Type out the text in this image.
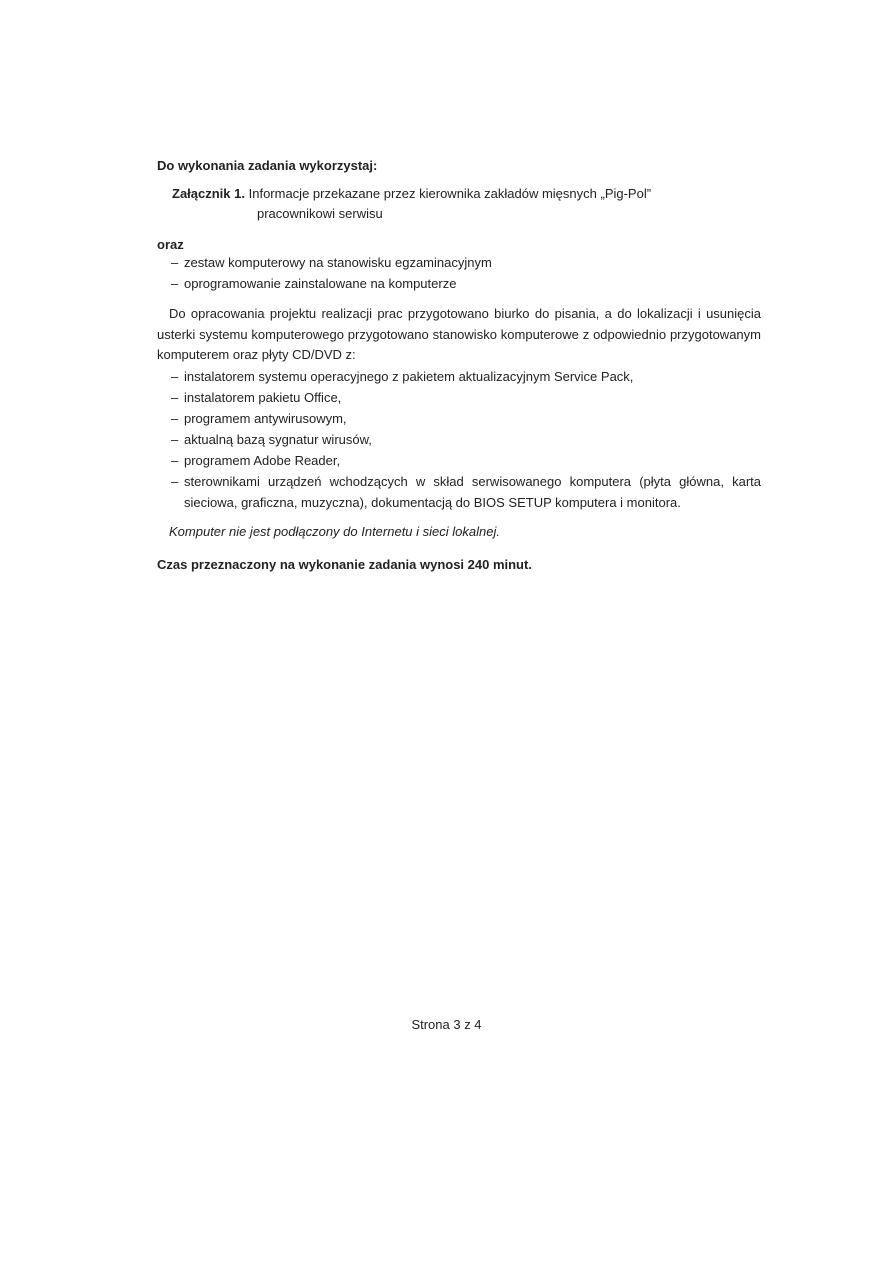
Do wykonania zadania wykorzystaj:
Załącznik 1. Informacje przekazane przez kierownika zakładów mięsnych „Pig-Pol”
pracownikowi serwisu
oraz
– zestaw komputerowy na stanowisku egzaminacyjnym
– oprogramowanie zainstalowane na komputerze
Do opracowania projektu realizacji prac przygotowano biurko do pisania, a do lokalizacji i usunięcia usterki systemu komputerowego przygotowano stanowisko komputerowe z odpowiednio przygotowanym komputerem oraz płyty CD/DVD z:
– instalatorem systemu operacyjnego z pakietem aktualizacyjnym Service Pack,
– instalatorem pakietu Office,
– programem antywirusowym,
– aktualną bazą sygnatur wirusów,
– programem Adobe Reader,
– sterownikami urządzeń wchodzących w skład serwisowanego komputera (płyta główna, karta sieciowa, graficzna, muzyczna), dokumentacją do BIOS SETUP komputera i monitora.
Komputer nie jest podłączony do Internetu i sieci lokalnej.
Czas przeznaczony na wykonanie zadania wynosi 240 minut.
Strona 3 z 4
